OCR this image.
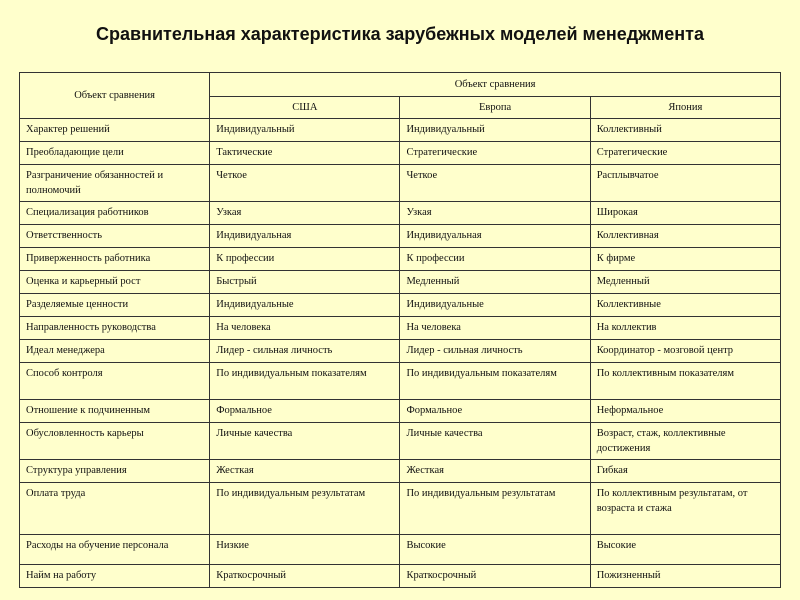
Сравнительная характеристика зарубежных моделей менеджмента
Объект сравнения	Объект сравнения		
	США	Европа	Япония
Характер решений	Индивидуальный	Индивидуальный	Коллективный
Преобладающие цели	Тактические	Стратегические	Стратегические
Разграничение обязанностей и полномочий	Четкое	Четкое	Расплывчатое
Специализация работников	Узкая	Узкая	Широкая
Ответственность	Индивидуальная	Индивидуальная	Коллективная
Приверженность работника	К профессии	К профессии	К фирме
Оценка и карьерный рост	Быстрый	Медленный	Медленный
Разделяемые ценности	Индивидуальные	Индивидуальные	Коллективные
Направленность руководства	На человека	На человека	На коллектив
Идеал менеджера	Лидер - сильная личность	Лидер - сильная личность	Координатор - мозговой центр
Способ контроля	По индивидуальным показателям	По индивидуальным показателям	По коллективным показателям
Отношение к подчиненным	Формальное	Формальное	Неформальное
Обусловленность карьеры	Личные качества	Личные качества	Возраст, стаж, коллективные достижения
Структура управления	Жесткая	Жесткая	Гибкая
Оплата труда	По индивидуальным результатам	По индивидуальным результатам	По коллективным результатам, от возраста и стажа
Расходы на обучение персонала	Низкие	Высокие	Высокие
Найм на работу	Краткосрочный	Краткосрочный	Пожизненный
